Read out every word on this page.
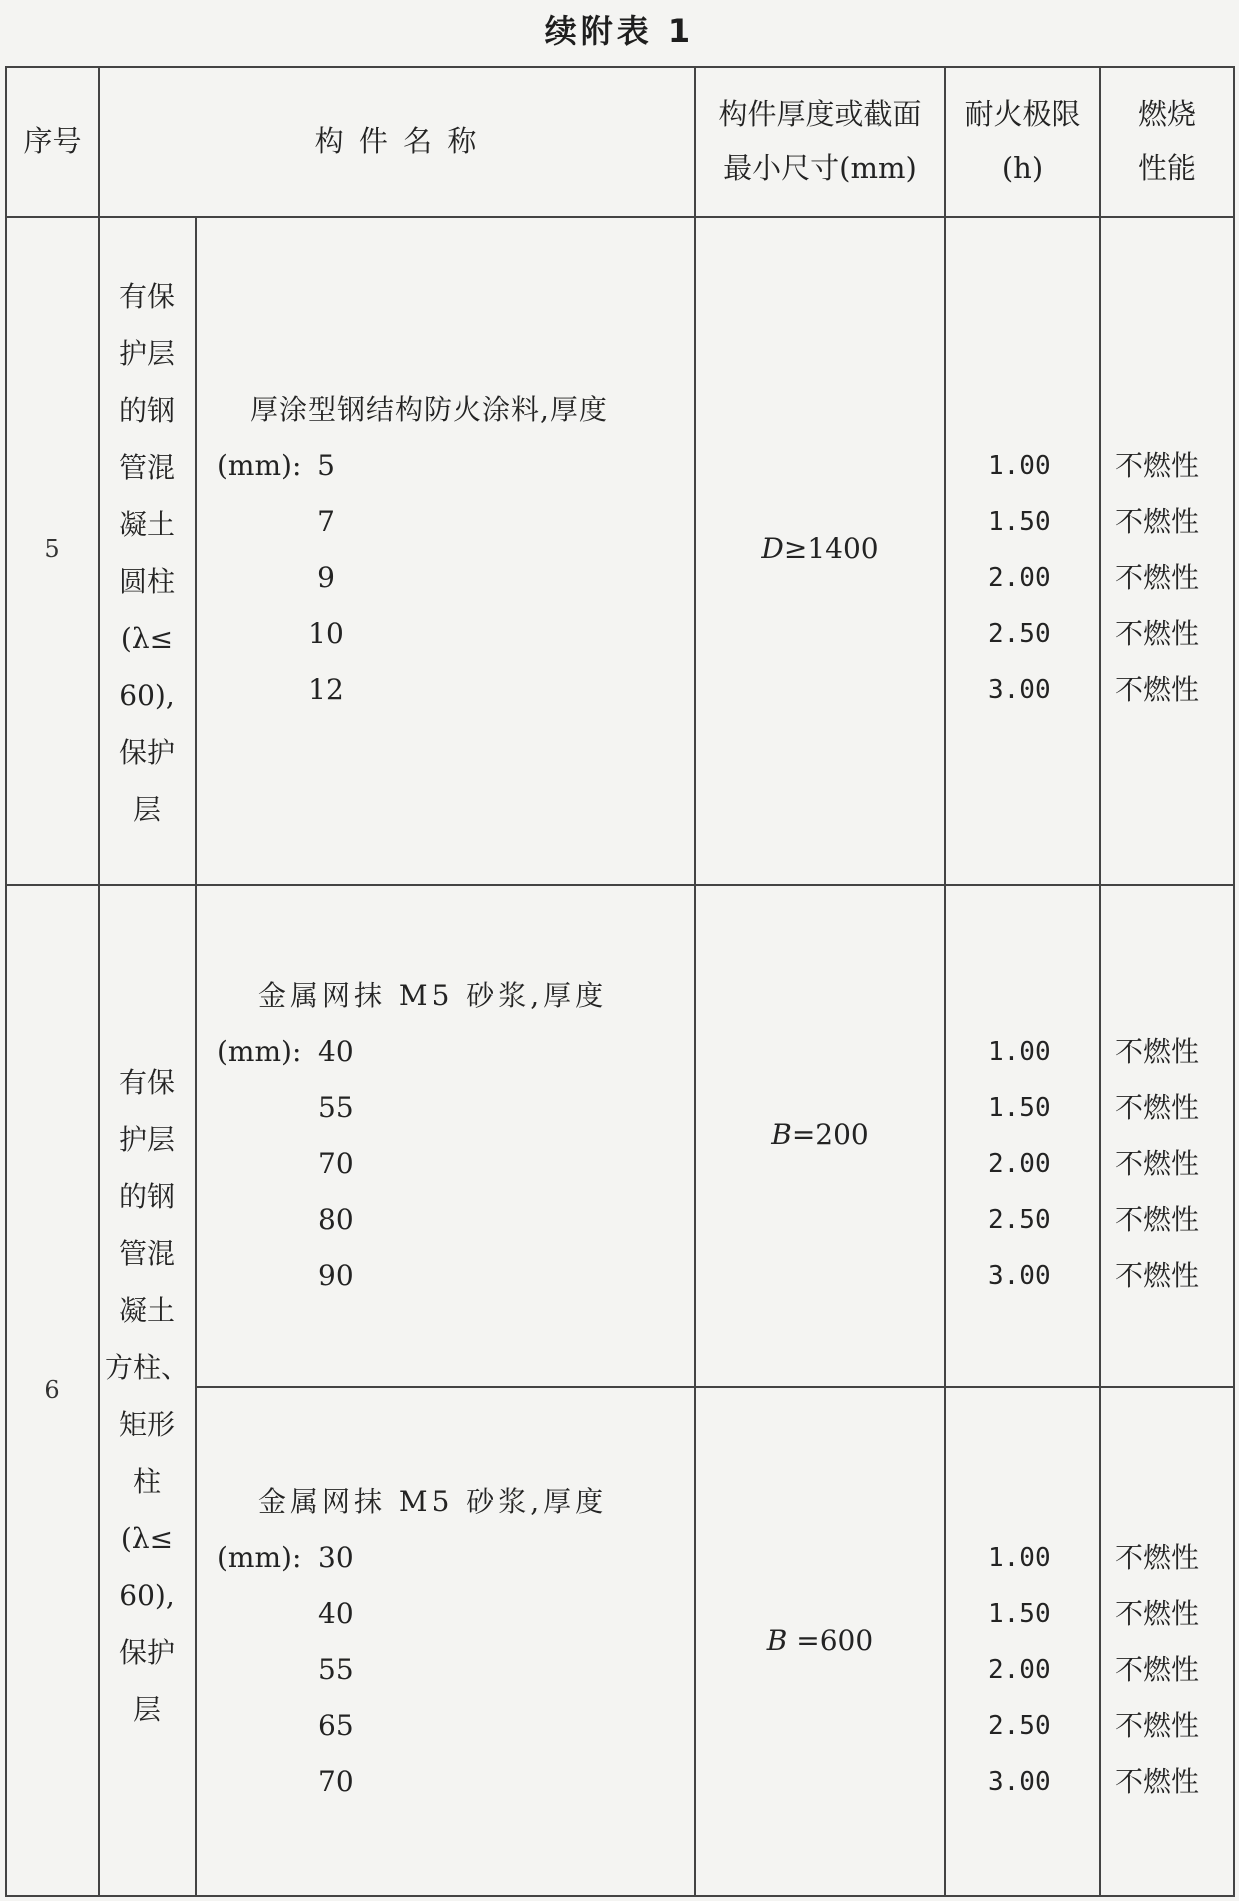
续附表 1
序号	构 件 名 称
构件厚度或截面
最小尺寸(mm)
耐火极限
(h)
燃烧
性能
5
有保
护层
的钢
管混
凝土
圆柱
(λ≤
60),
保护
层
厚涂型钢结构防火涂料,厚度
(mm): 5
7
9
10
12
D≥1400
1.00
1.50
2.00
2.50
3.00
不燃性
不燃性
不燃性
不燃性
不燃性
6
有保
护层
的钢
管混
凝土
方柱、
矩形
柱
(λ≤
60),
保护
层
金属网抹 M5 砂浆,厚度
(mm): 40
55
70
80
90
B=200
1.00
1.50
2.00
2.50
3.00
不燃性
不燃性
不燃性
不燃性
不燃性
金属网抹 M5 砂浆,厚度
(mm): 30
40
55
65
70
B =600
1.00
1.50
2.00
2.50
3.00
不燃性
不燃性
不燃性
不燃性
不燃性
